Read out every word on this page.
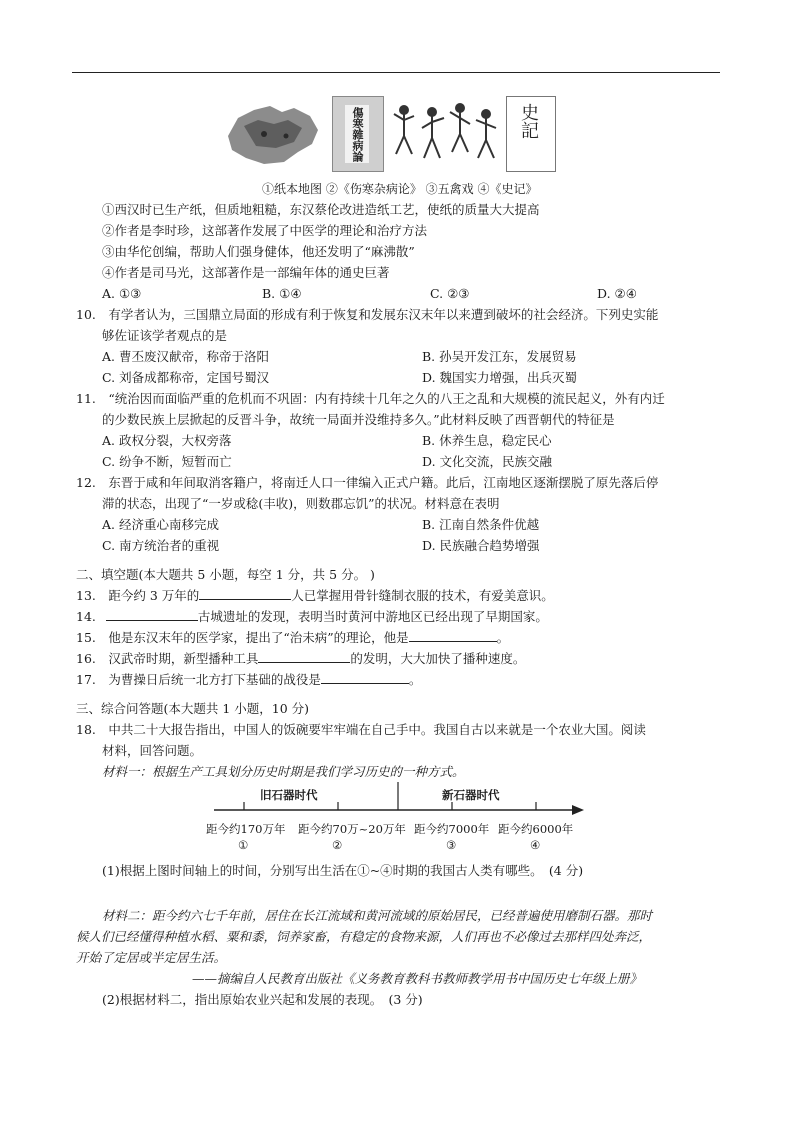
傷寒雜病論	史記
①纸本地图 ②《伤寒杂病论》 ③五禽戏 ④《史记》
①西汉时已生产纸，但质地粗糙，东汉蔡伦改进造纸工艺，使纸的质量大大提高
②作者是李时珍，这部著作发展了中医学的理论和治疗方法
③由华佗创编，帮助人们强身健体，他还发明了“麻沸散”
④作者是司马光，这部著作是一部编年体的通史巨著
A. ①③	B. ①④	C. ②③	D. ②④
10.　有学者认为，三国鼎立局面的形成有利于恢复和发展东汉末年以来遭到破坏的社会经济。下列史实能
够佐证该学者观点的是
A. 曹丕废汉献帝，称帝于洛阳	B. 孙吴开发江东，发展贸易
C. 刘备成都称帝，定国号蜀汉	D. 魏国实力增强，出兵灭蜀
11.　“统治因而面临严重的危机而不巩固：内有持续十几年之久的八王之乱和大规模的流民起义，外有内迁
的少数民族上层掀起的反晋斗争，故统一局面并没维持多久。”此材料反映了西晋朝代的特征是
A. 政权分裂，大权旁落	B. 休养生息，稳定民心
C. 纷争不断，短暂而亡	D. 文化交流，民族交融
12.　东晋于咸和年间取消客籍户，将南迁人口一律编入正式户籍。此后，江南地区逐渐摆脱了原先落后停
滞的状态，出现了“一岁或稔(丰收)，则数郡忘饥”的状况。材料意在表明
A. 经济重心南移完成	B. 江南自然条件优越
C. 南方统治者的重视	D. 民族融合趋势增强
二、填空题(本大题共 5 小题，每空 1 分，共 5 分。 )
13.　距今约 3 万年的	人已掌握用骨针缝制衣服的技术，有爱美意识。
14.	古城遗址的发现，表明当时黄河中游地区已经出现了早期国家。
15.　他是东汉末年的医学家，提出了“治未病”的理论，他是	。
16.　汉武帝时期，新型播种工具	的发明，大大加快了播种速度。
17.　为曹操日后统一北方打下基础的战役是	。
三、综合问答题(本大题共 1 小题，10 分)
18.　中共二十大报告指出，中国人的饭碗要牢牢端在自己手中。我国自古以来就是一个农业大国。阅读
材料，回答问题。
材料一：根据生产工具划分历史时期是我们学习历史的一种方式。
旧石器时代	新石器时代
距今约170万年 距今约70万~20万年 距今约7000年 距今约6000年
①	②	③	④
(1)根据上图时间轴上的时间，分别写出生活在①~④时期的我国古人类有哪些。　(4 分)
材料二：距今约六七千年前，居住在长江流域和黄河流域的原始居民，已经普遍使用磨制石器。那时
候人们已经懂得种植水稻、粟和黍，饲养家畜，有稳定的食物来源，人们再也不必像过去那样四处奔泛，
开始了定居或半定居生活。
——摘编自人民教育出版社《义务教育教科书教师教学用书中国历史七年级上册》
(2)根据材料二，指出原始农业兴起和发展的表现。　(3 分)
